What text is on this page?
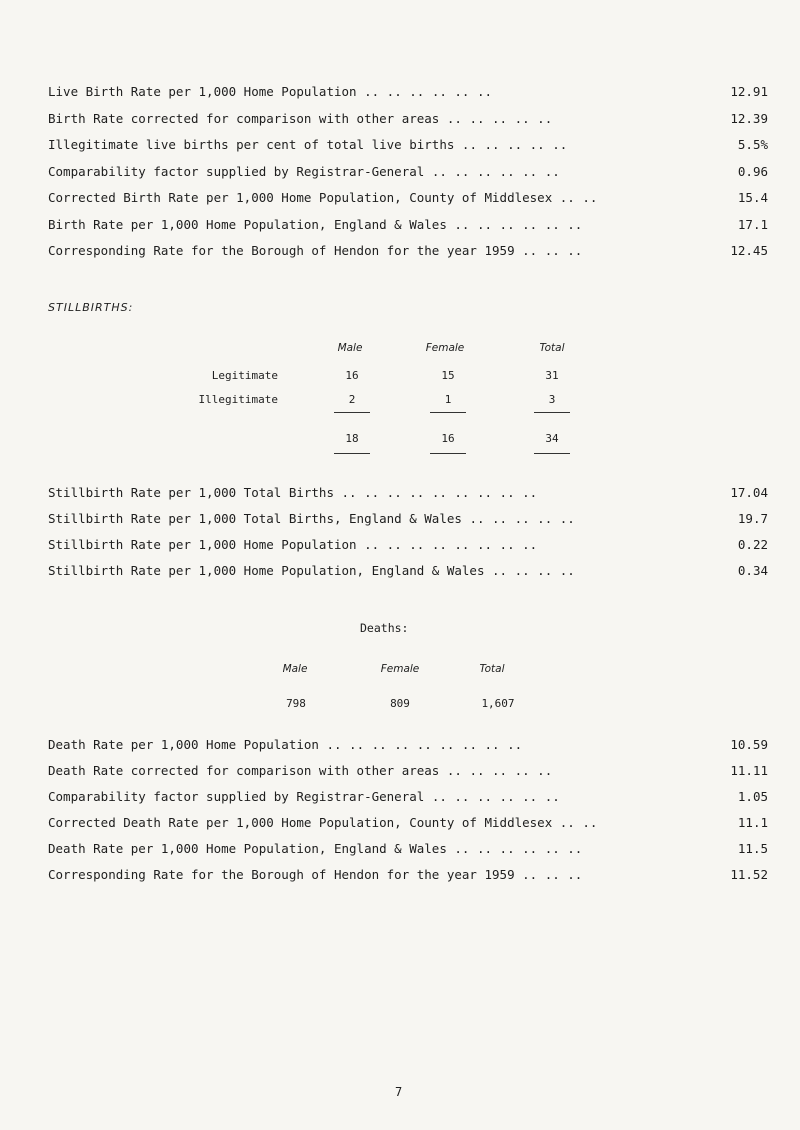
Live Birth Rate per 1,000 Home Population .. .. .. .. .. ..	12.91
Birth Rate corrected for comparison with other areas .. .. .. .. ..	12.39
Illegitimate live births per cent of total live births .. .. .. .. ..	5.5%
Comparability factor supplied by Registrar-General .. .. .. .. .. ..	0.96
Corrected Birth Rate per 1,000 Home Population, County of Middlesex .. ..	15.4
Birth Rate per 1,000 Home Population, England & Wales .. .. .. .. .. ..	17.1
Corresponding Rate for the Borough of Hendon for the year 1959 .. .. ..	12.45
STILLBIRTHS:
Male	Female	Total
Legitimate	16	15	31
Illegitimate	2	1	3
18	16	34
Stillbirth Rate per 1,000 Total Births .. .. .. .. .. .. .. .. ..	17.04
Stillbirth Rate per 1,000 Total Births, England & Wales .. .. .. .. ..	19.7
Stillbirth Rate per 1,000 Home Population .. .. .. .. .. .. .. ..	0.22
Stillbirth Rate per 1,000 Home Population, England & Wales .. .. .. ..	0.34
Deaths:
Male	Female	Total
798	809	1,607
Death Rate per 1,000 Home Population .. .. .. .. .. .. .. .. ..	10.59
Death Rate corrected for comparison with other areas .. .. .. .. ..	11.11
Comparability factor supplied by Registrar-General .. .. .. .. .. ..	1.05
Corrected Death Rate per 1,000 Home Population, County of Middlesex .. ..	11.1
Death Rate per 1,000 Home Population, England & Wales .. .. .. .. .. ..	11.5
Corresponding Rate for the Borough of Hendon for the year 1959 .. .. ..	11.52
7
